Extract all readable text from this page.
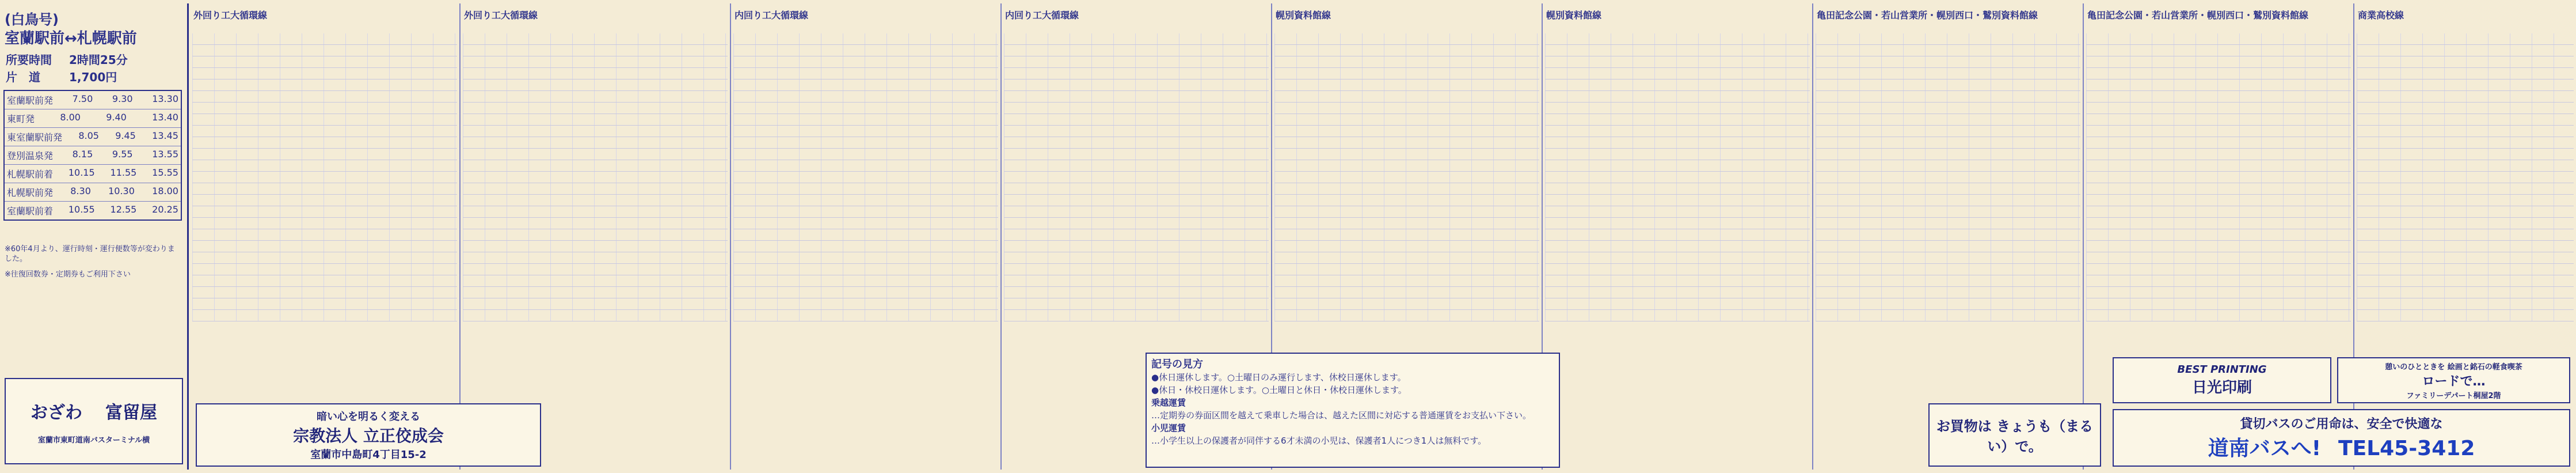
(白鳥号)
室蘭駅前↔札幌駅前
所要時間 2時間25分
片　道	1,700円
室蘭駅前発 7.50 9.30 13.30
東町発	8.00	9.40	13.40
東室蘭駅前発 8.05 9.45 13.45
登別温泉発 8.15 9.55 13.55
札幌駅前着 10.15 11.55 15.55
札幌駅前発 8.30 10.30 18.00
室蘭駅前着 10.55 12.55 20.25
※60年4月より、運行時刻・運行便数等が変わりました。
※往復回数券・定期券もご利用下さい
おざわ 富留屋
室蘭市東町道南バスターミナル横
外回り工大循環線	外回り工大循環線	内回り工大循環線	内回り工大循環線	幌別資料館線	幌別資料館線	亀田記念公園・若山営業所・幌別西口・鷲別資料館線	亀田記念公園・若山営業所・幌別西口・鷲別資料館線	商業高校線
記号の見方
●休日運休します。○土曜日のみ運行します、休校日運休します。
●休日・休校日運休します。○土曜日と休日・休校日運休します。
乗越運賃
…定期券の券面区間を越えて乗車した場合は、越えた区間に対応する普通運賃をお支払い下さい。
小児運賃
…小学生以上の保護者が同伴する6才未満の小児は、保護者1人につき1人は無料です。
暗い心を明るく変える
宗教法人 立正佼成会
室蘭市中島町4丁目15-2
お買物は きょうも（まるい）で。
BEST PRINTING
日光印刷
憩いのひとときを 絵画と銘石の軽食喫茶
ロードで…
ファミリーデパート桐屋2階
貸切バスのご用命は、安全で快適な
道南バスへ! TEL45-3412
